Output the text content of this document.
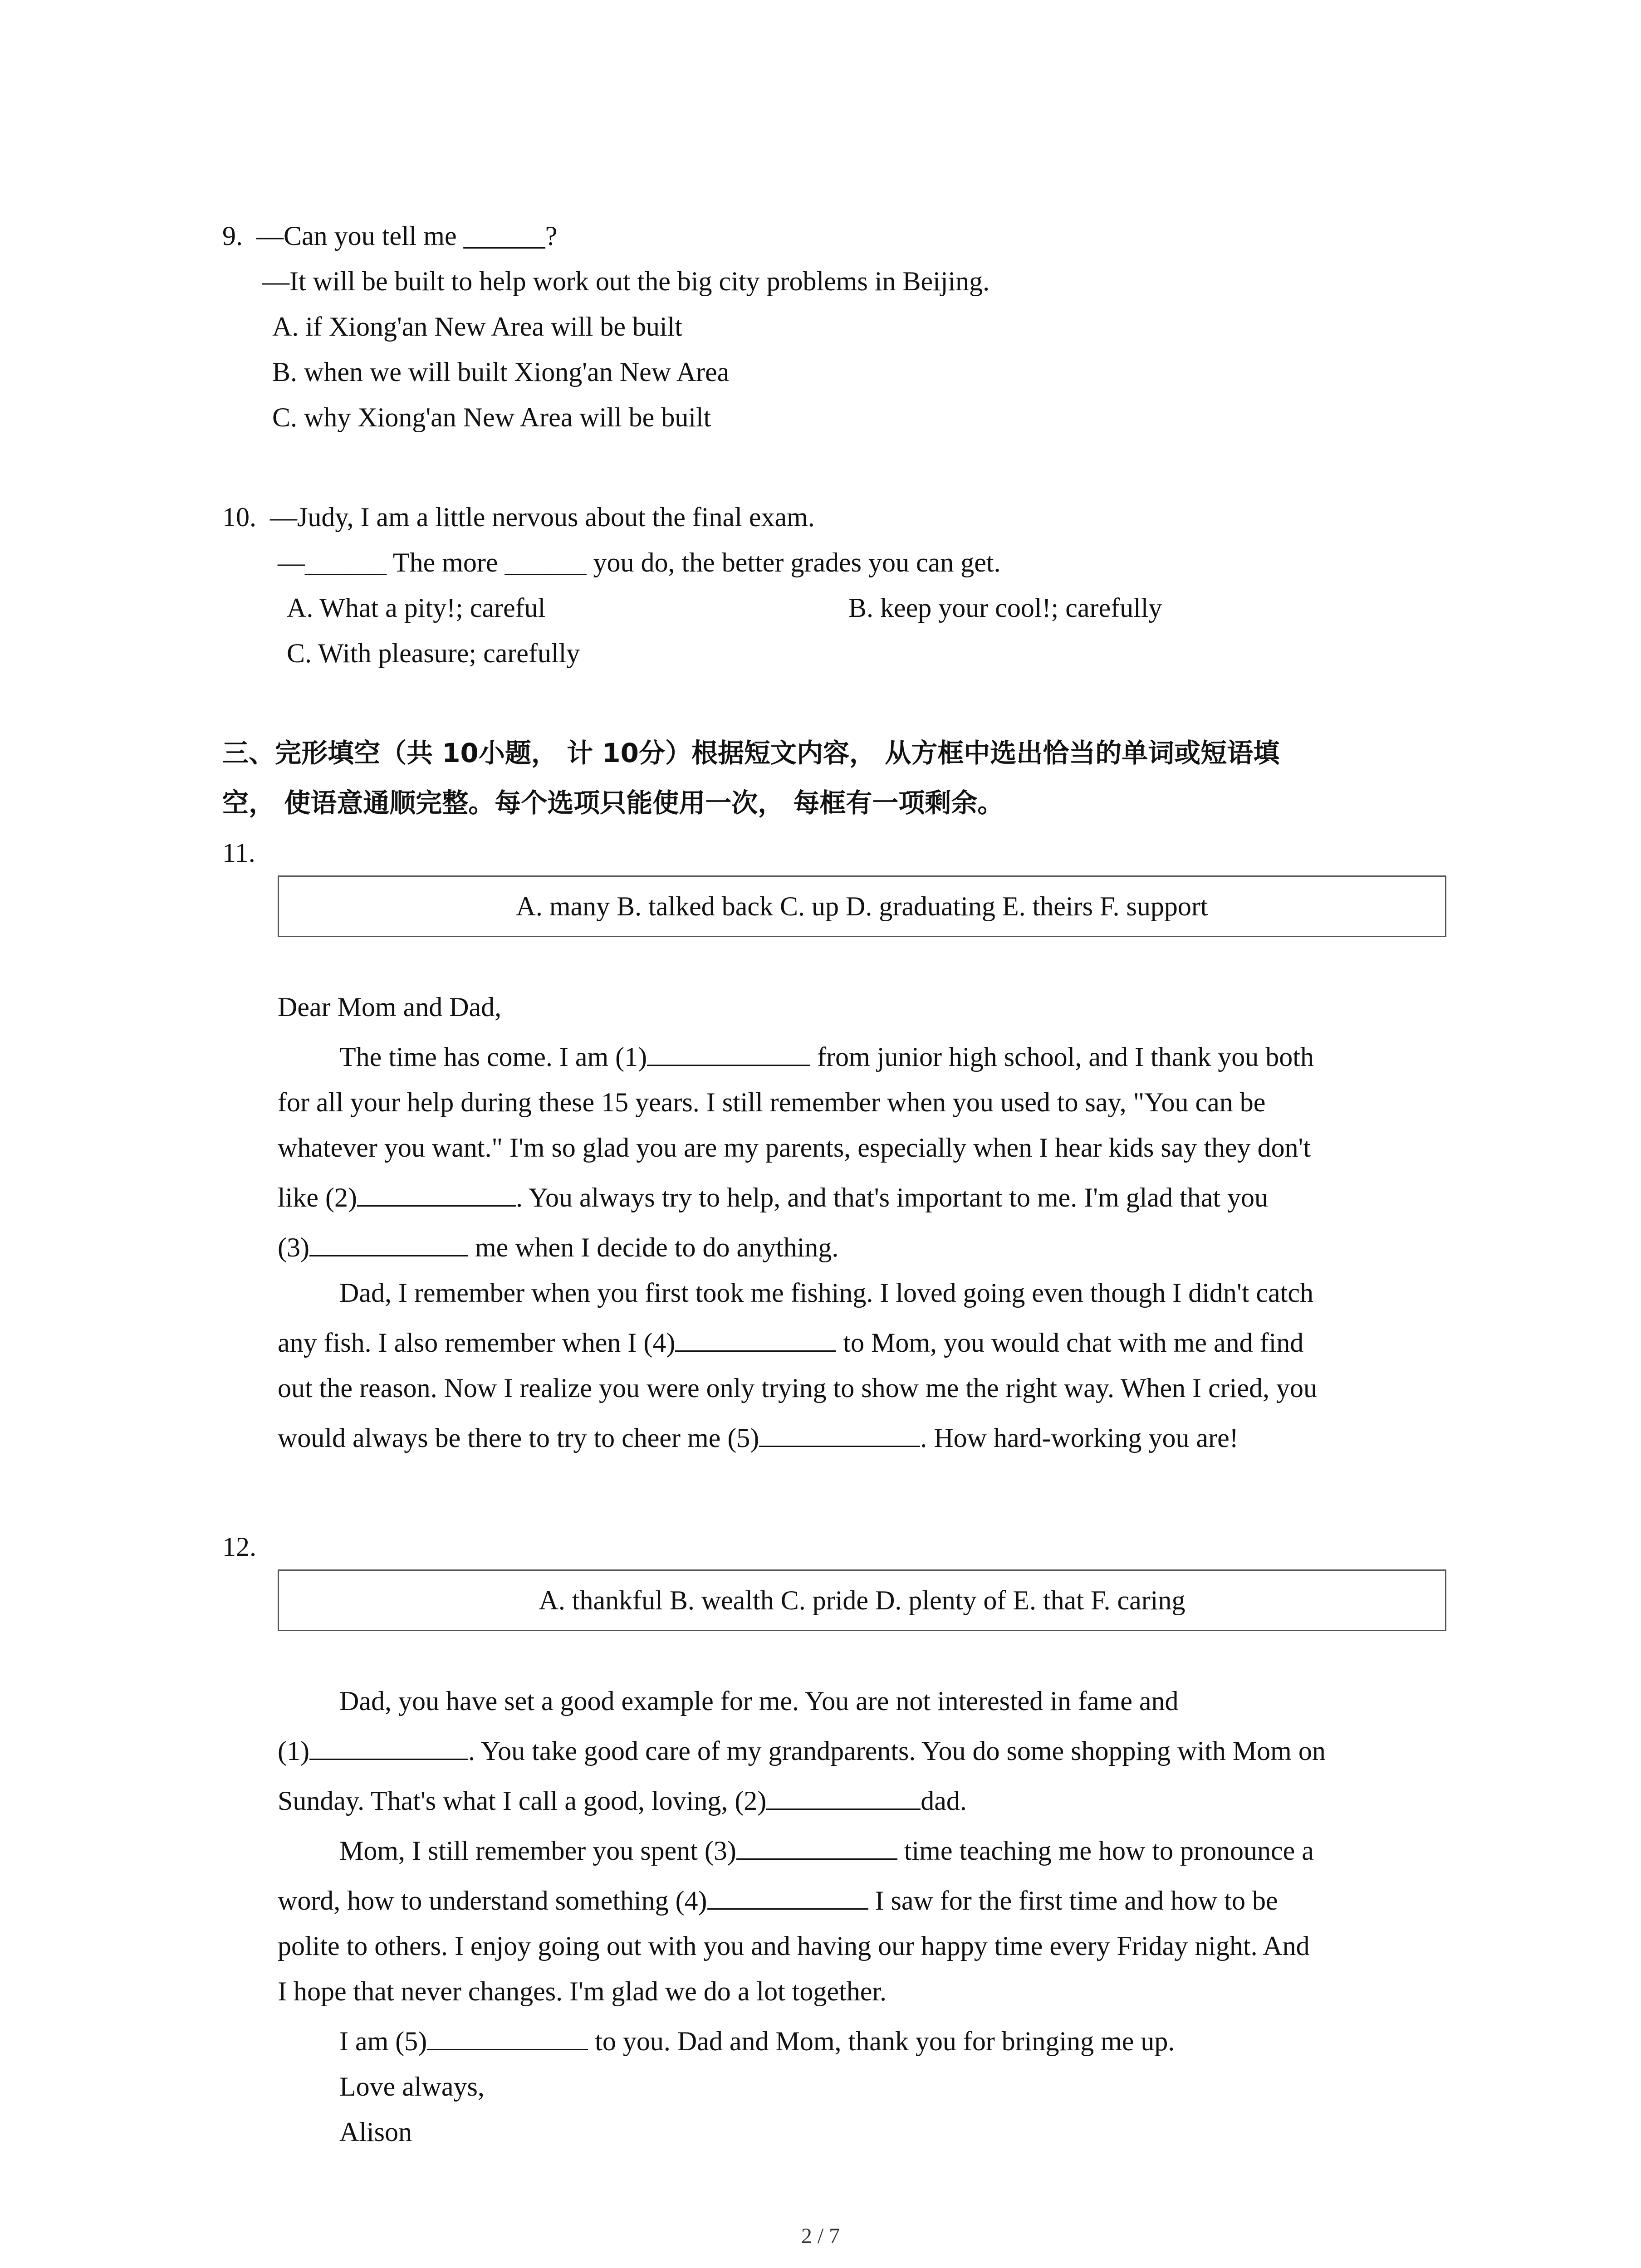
9.  —Can you tell me ______?
—It will be built to help work out the big city problems in Beijing.
A. if Xiong'an New Area will be built
B. when we will built Xiong'an New Area
C. why Xiong'an New Area will be built
10.  —Judy, I am a little nervous about the final exam.
—______ The more ______ you do, the better grades you can get.
A. What a pity!; careful	B. keep your cool!; carefully
C. With pleasure; carefully
三、完形填空（共 10小题， 计 10分）根据短文内容， 从方框中选出恰当的单词或短语填
空， 使语意通顺完整。每个选项只能使用一次， 每框有一项剩余。
11.
A. many B. talked back C. up D. graduating E. theirs F. support
Dear Mom and Dad,
The time has come. I am (1)	from junior high school, and I thank you both
for all your help during these 15 years. I still remember when you used to say, "You can be
whatever you want." I'm so glad you are my parents, especially when I hear kids say they don't
like (2)	. You always try to help, and that's important to me. I'm glad that you
(3)	me when I decide to do anything.
Dad, I remember when you first took me fishing. I loved going even though I didn't catch
any fish. I also remember when I (4)	to Mom, you would chat with me and find
out the reason. Now I realize you were only trying to show me the right way. When I cried, you
would always be there to try to cheer me (5)	. How hard-working you are!
12.
A. thankful B. wealth C. pride D. plenty of E. that F. caring
Dad, you have set a good example for me. You are not interested in fame and
(1)	. You take good care of my grandparents. You do some shopping with Mom on
Sunday. That's what I call a good, loving, (2)	dad.
Mom, I still remember you spent (3)	time teaching me how to pronounce a
word, how to understand something (4)	I saw for the first time and how to be
polite to others. I enjoy going out with you and having our happy time every Friday night. And
I hope that never changes. I'm glad we do a lot together.
I am (5)	to you. Dad and Mom, thank you for bringing me up.
Love always,
Alison
2 / 7
